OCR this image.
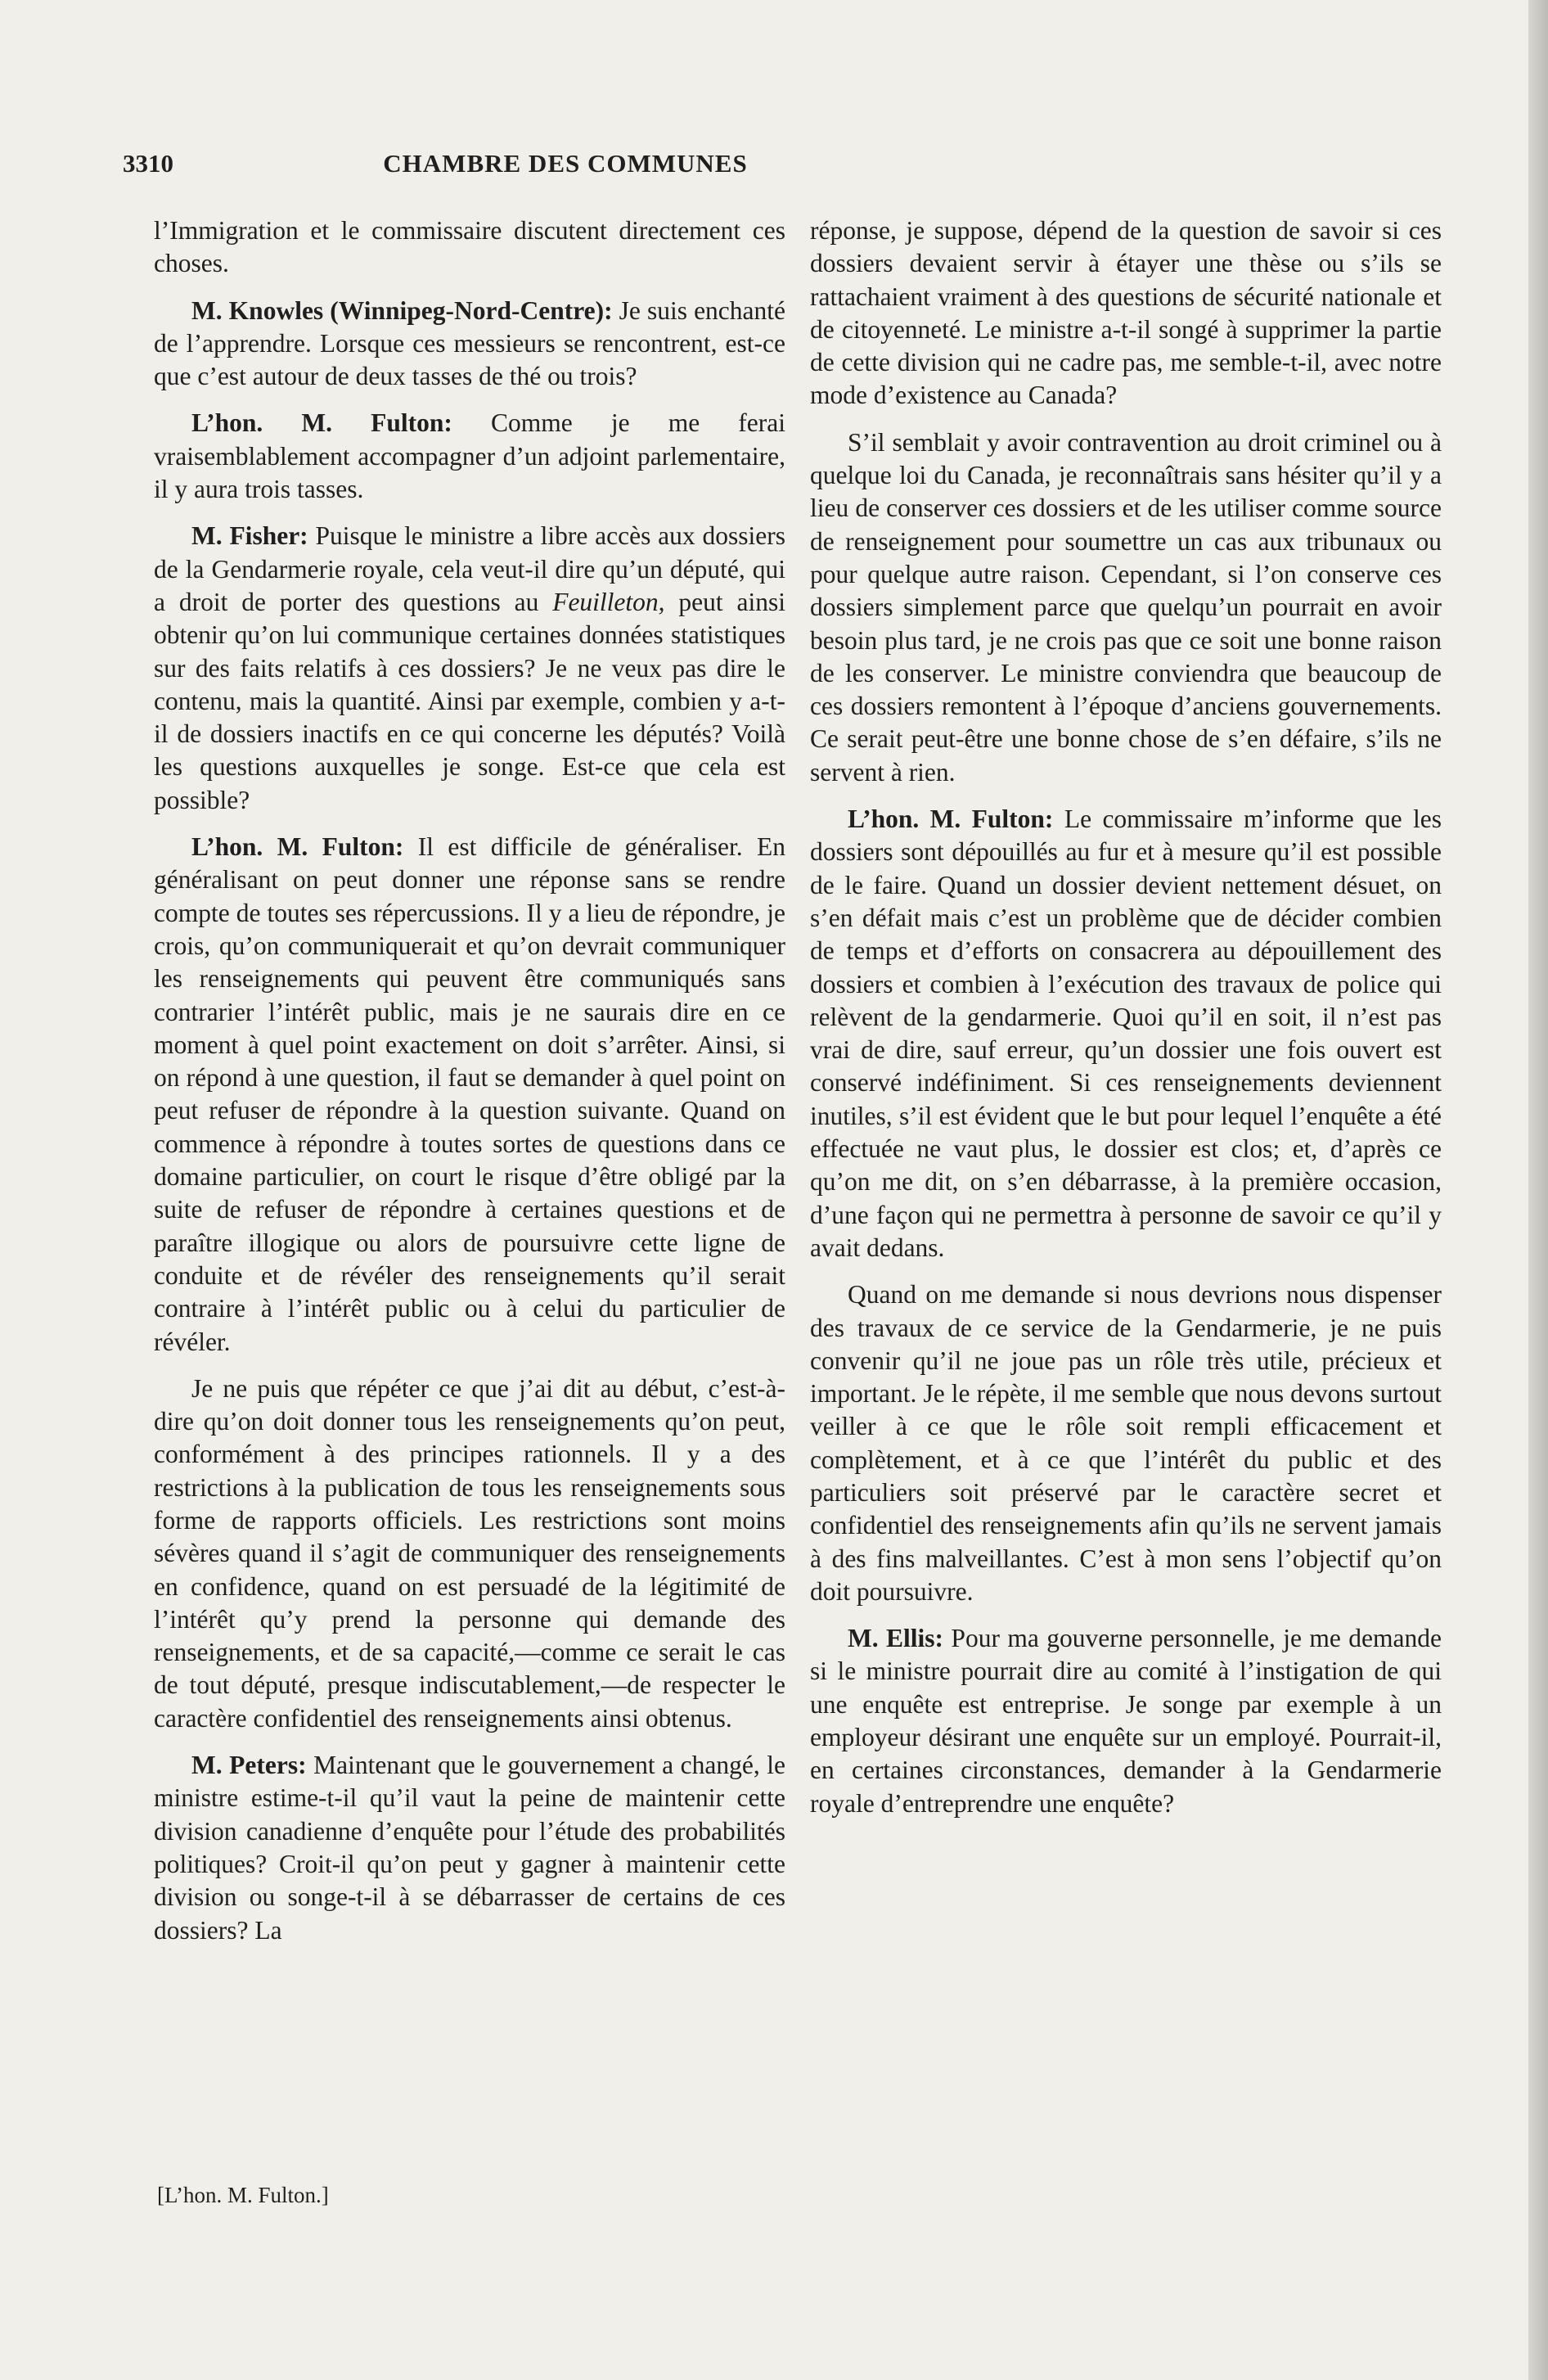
3310	CHAMBRE DES COMMUNES

l’Immigration et le commissaire discutent directement ces choses.

M. Knowles (Winnipeg-Nord-Centre): Je suis enchanté de l’apprendre. Lorsque ces messieurs se rencontrent, est-ce que c’est autour de deux tasses de thé ou trois?

L’hon. M. Fulton: Comme je me ferai vraisemblablement accompagner d’un adjoint parlementaire, il y aura trois tasses.

M. Fisher: Puisque le ministre a libre accès aux dossiers de la Gendarmerie royale, cela veut-il dire qu’un député, qui a droit de porter des questions au Feuilleton, peut ainsi obtenir qu’on lui communique certaines données statistiques sur des faits relatifs à ces dossiers? Je ne veux pas dire le contenu, mais la quantité. Ainsi par exemple, combien y a-t-il de dossiers inactifs en ce qui concerne les députés? Voilà les questions auxquelles je songe. Est-ce que cela est possible?

L’hon. M. Fulton: Il est difficile de généraliser. En généralisant on peut donner une réponse sans se rendre compte de toutes ses répercussions. Il y a lieu de répondre, je crois, qu’on communiquerait et qu’on devrait communiquer les renseignements qui peuvent être communiqués sans contrarier l’intérêt public, mais je ne saurais dire en ce moment à quel point exactement on doit s’arrêter. Ainsi, si on répond à une question, il faut se demander à quel point on peut refuser de répondre à la question suivante. Quand on commence à répondre à toutes sortes de questions dans ce domaine particulier, on court le risque d’être obligé par la suite de refuser de répondre à certaines questions et de paraître illogique ou alors de poursuivre cette ligne de conduite et de révéler des renseignements qu’il serait contraire à l’intérêt public ou à celui du particulier de révéler.

Je ne puis que répéter ce que j’ai dit au début, c’est-à-dire qu’on doit donner tous les renseignements qu’on peut, conformément à des principes rationnels. Il y a des restrictions à la publication de tous les renseignements sous forme de rapports officiels. Les restrictions sont moins sévères quand il s’agit de communiquer des renseignements en confidence, quand on est persuadé de la légitimité de l’intérêt qu’y prend la personne qui demande des renseignements, et de sa capacité,—comme ce serait le cas de tout député, presque indiscutablement,—de respecter le caractère confidentiel des renseignements ainsi obtenus.

M. Peters: Maintenant que le gouvernement a changé, le ministre estime-t-il qu’il vaut la peine de maintenir cette division canadienne d’enquête pour l’étude des probabilités politiques? Croit-il qu’on peut y gagner à maintenir cette division ou songe-t-il à se débarrasser de certains de ces dossiers? La

réponse, je suppose, dépend de la question de savoir si ces dossiers devaient servir à étayer une thèse ou s’ils se rattachaient vraiment à des questions de sécurité nationale et de citoyenneté. Le ministre a-t-il songé à supprimer la partie de cette division qui ne cadre pas, me semble-t-il, avec notre mode d’existence au Canada?

S’il semblait y avoir contravention au droit criminel ou à quelque loi du Canada, je reconnaîtrais sans hésiter qu’il y a lieu de conserver ces dossiers et de les utiliser comme source de renseignement pour soumettre un cas aux tribunaux ou pour quelque autre raison. Cependant, si l’on conserve ces dossiers simplement parce que quelqu’un pourrait en avoir besoin plus tard, je ne crois pas que ce soit une bonne raison de les conserver. Le ministre conviendra que beaucoup de ces dossiers remontent à l’époque d’anciens gouvernements. Ce serait peut-être une bonne chose de s’en défaire, s’ils ne servent à rien.

L’hon. M. Fulton: Le commissaire m’informe que les dossiers sont dépouillés au fur et à mesure qu’il est possible de le faire. Quand un dossier devient nettement désuet, on s’en défait mais c’est un problème que de décider combien de temps et d’efforts on consacrera au dépouillement des dossiers et combien à l’exécution des travaux de police qui relèvent de la gendarmerie. Quoi qu’il en soit, il n’est pas vrai de dire, sauf erreur, qu’un dossier une fois ouvert est conservé indéfiniment. Si ces renseignements deviennent inutiles, s’il est évident que le but pour lequel l’enquête a été effectuée ne vaut plus, le dossier est clos; et, d’après ce qu’on me dit, on s’en débarrasse, à la première occasion, d’une façon qui ne permettra à personne de savoir ce qu’il y avait dedans.

Quand on me demande si nous devrions nous dispenser des travaux de ce service de la Gendarmerie, je ne puis convenir qu’il ne joue pas un rôle très utile, précieux et important. Je le répète, il me semble que nous devons surtout veiller à ce que le rôle soit rempli efficacement et complètement, et à ce que l’intérêt du public et des particuliers soit préservé par le caractère secret et confidentiel des renseignements afin qu’ils ne servent jamais à des fins malveillantes. C’est à mon sens l’objectif qu’on doit poursuivre.

M. Ellis: Pour ma gouverne personnelle, je me demande si le ministre pourrait dire au comité à l’instigation de qui une enquête est entreprise. Je songe par exemple à un employeur désirant une enquête sur un employé. Pourrait-il, en certaines circonstances, demander à la Gendarmerie royale d’entreprendre une enquête?

[L’hon. M. Fulton.]
